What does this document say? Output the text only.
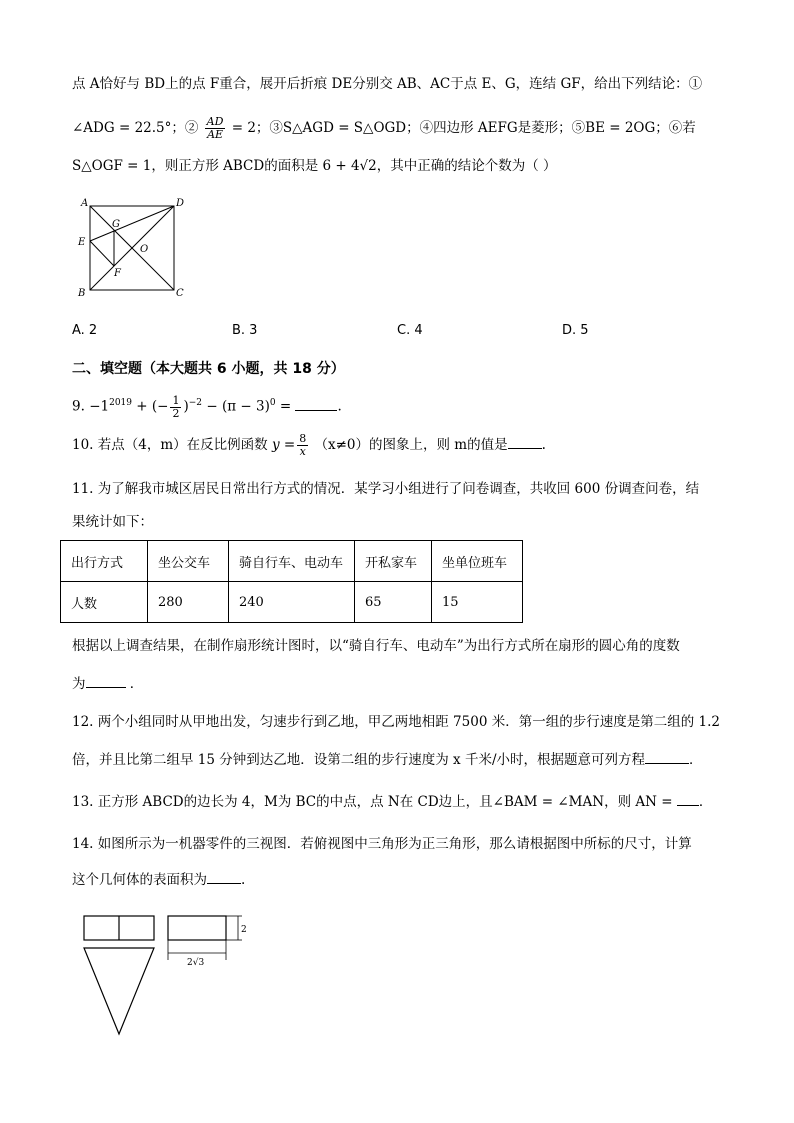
点 A恰好与 BD上的点 F重合，展开后折痕 DE分别交 AB、AC于点 E、G，连结 GF，给出下列结论：①
∠ADG = 22.5°；② $\frac{AD}{AE} = 2$；③S△AGD = S△OGD；④四边形 AEFG是菱形；⑤BE = 2OG；⑥若
S△OGF = 1，则正方形 ABCD的面积是 6 + 4√2，其中正确的结论个数为（ ）
A	D
G
E
O
F
B	C
A. 2	B. 3	C. 4	D. 5
二、填空题（本大题共 6 小题，共 18 分）
9. $-1^{2019}$ + (− $\frac{1}{2} )^{-2} - (\pi - 3)^0$ =	.
10. 若点（4，m）在反比例函数 $y = \frac{8}{x} (x\ne 0)$的图象上，则 m的值是	.
11. 为了解我市城区居民日常出行方式的情况．某学习小组进行了问卷调查，共收回 600 份调查问卷，结
果统计如下：
出行方式	坐公交车	骑自行车、电动车	开私家车	坐单位班车
人数	280	240	65	15
根据以上调查结果，在制作扇形统计图时，以“骑自行车、电动车”为出行方式所在扇形的圆心角的度数
为	．
12. 两个小组同时从甲地出发，匀速步行到乙地，甲乙两地相距 7500 米．第一组的步行速度是第二组的 1.2
倍，并且比第二组早 15 分钟到达乙地．设第二组的步行速度为 x 千米/小时，根据题意可列方程	．
13. 正方形 ABCD的边长为 4，M为 BC的中点，点 N在 CD边上，且∠BAM = ∠MAN，则 AN = ．
14. 如图所示为一机器零件的三视图．若俯视图中三角形为正三角形，那么请根据图中所标的尺寸，计算
这个几何体的表面积为	.
2
2√3
